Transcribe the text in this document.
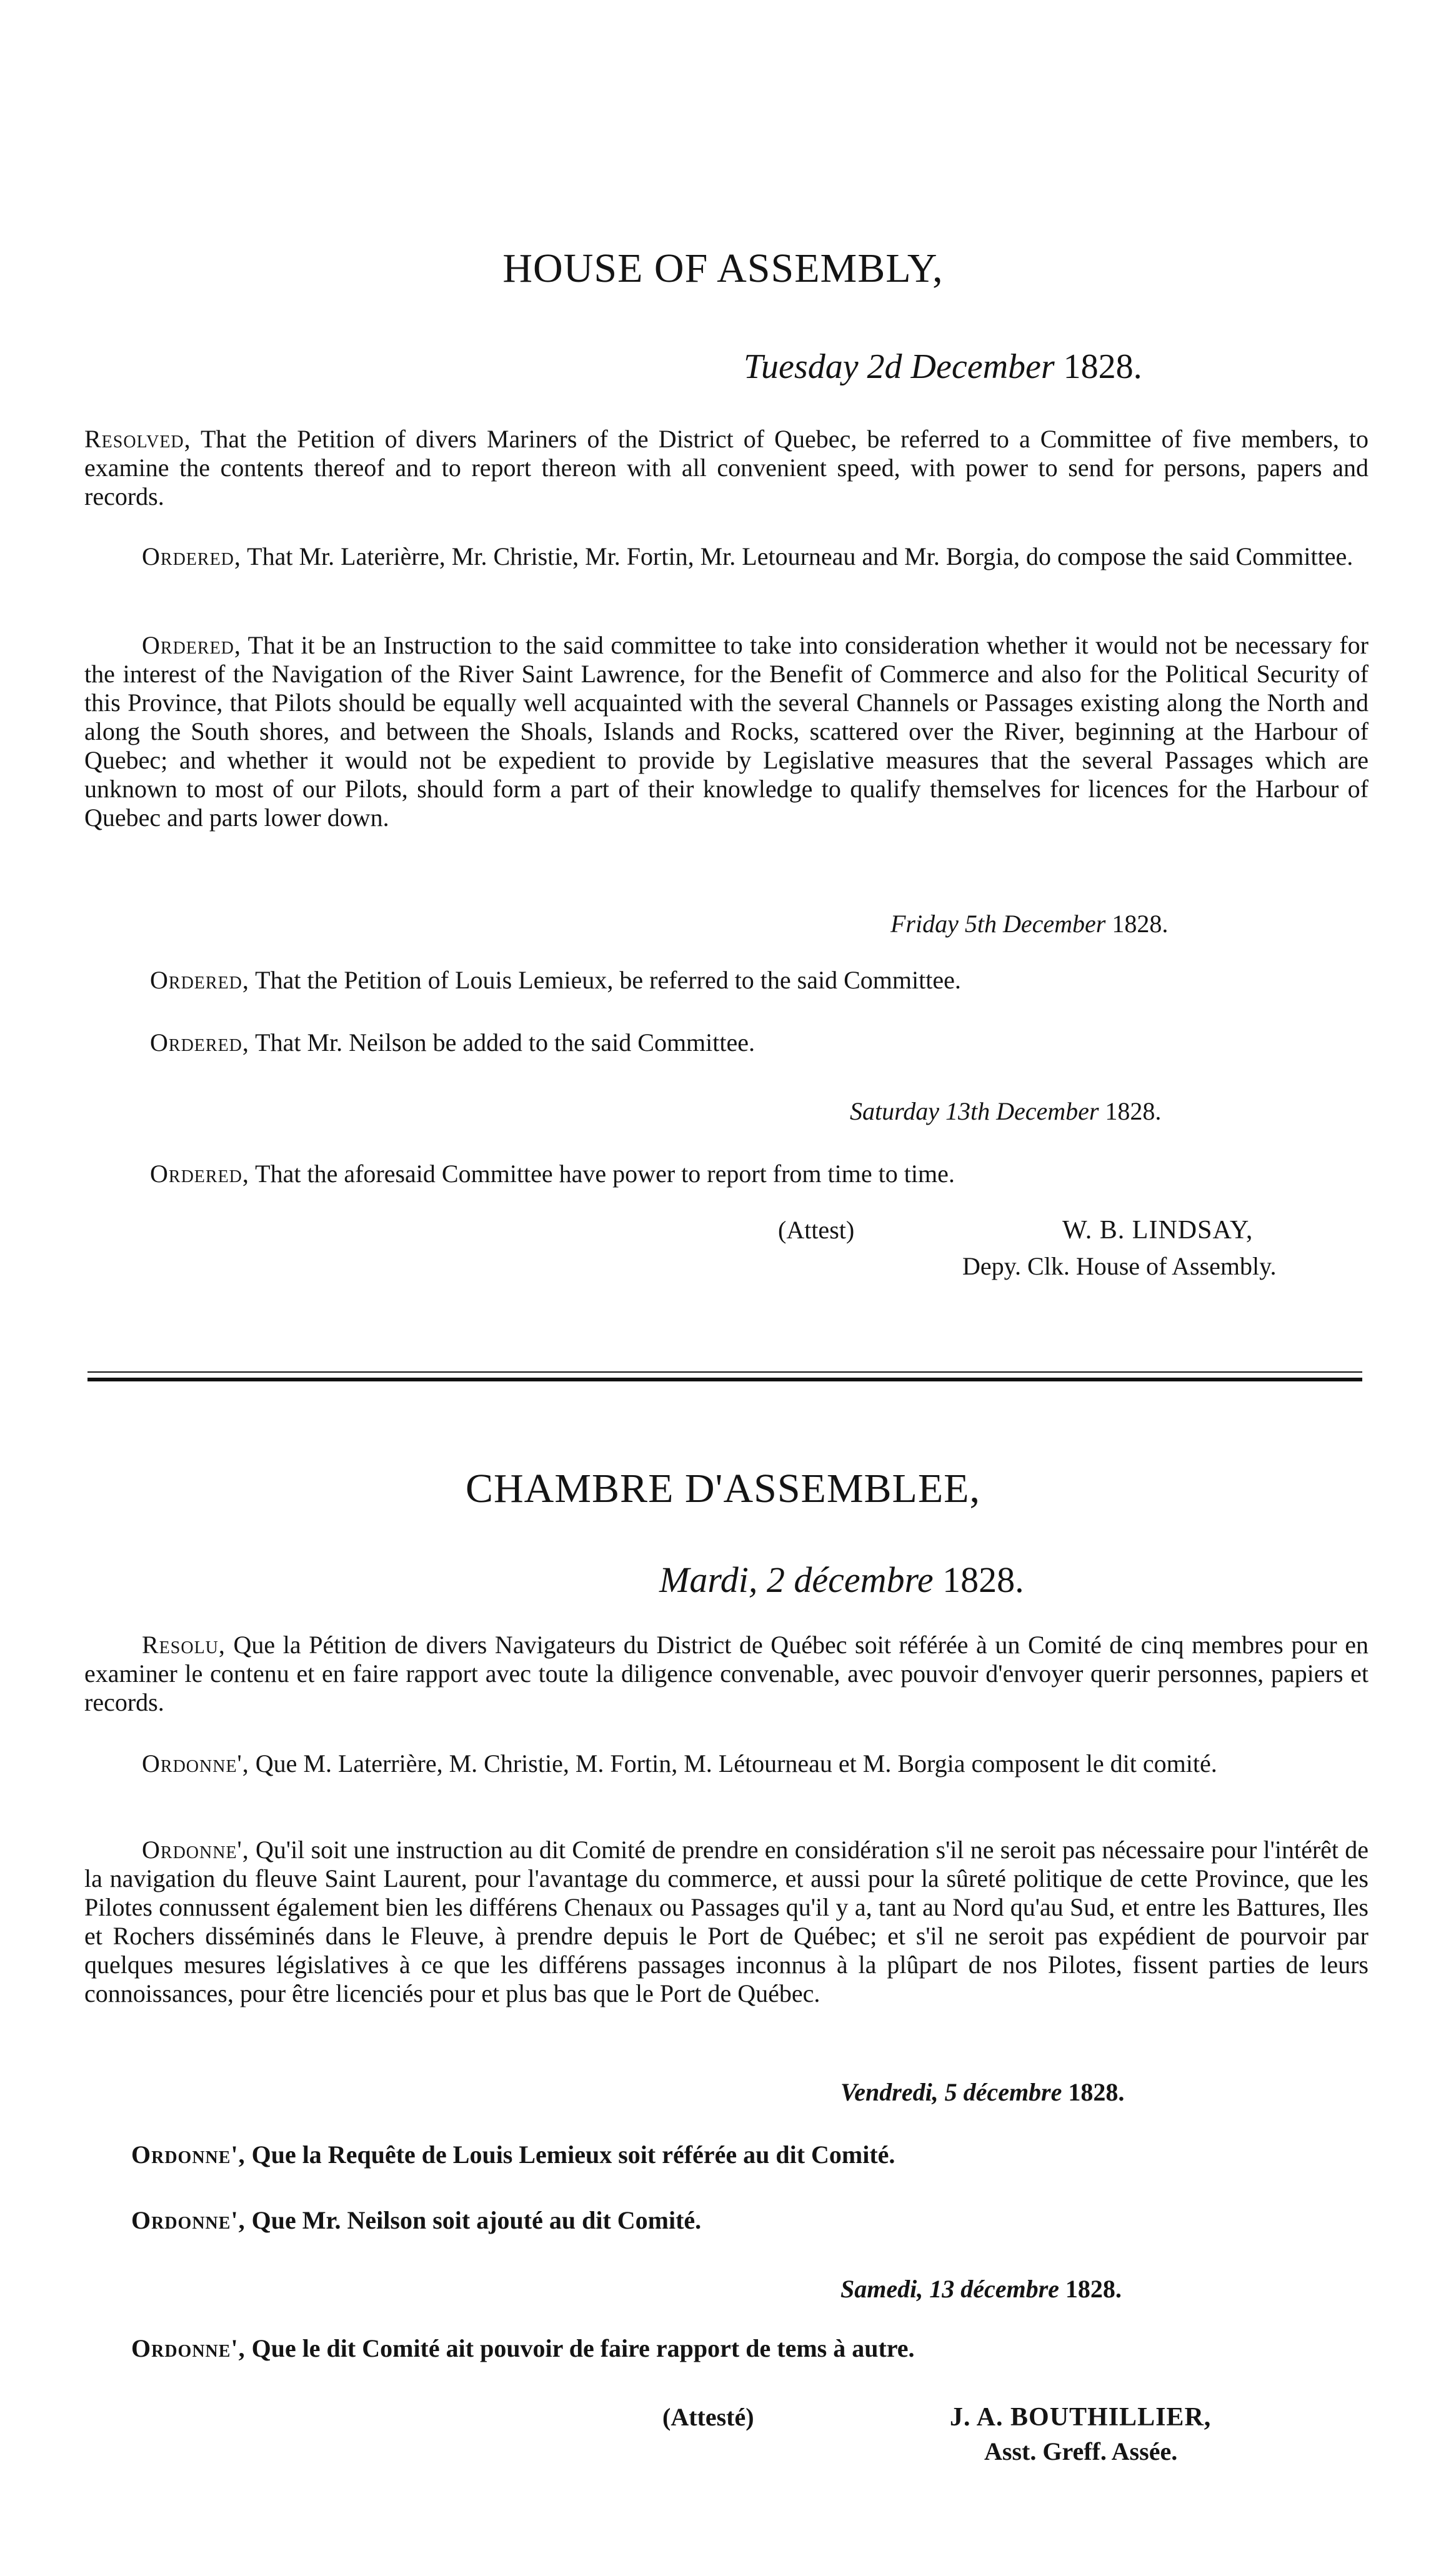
HOUSE OF ASSEMBLY,
Tuesday 2d December 1828.

Resolved, That the Petition of divers Mariners of the District of Quebec, be referred to a Committee of five members, to examine the contents thereof and to report thereon with all convenient speed, with power to send for persons, papers and records.

Ordered, That Mr. Laterièrre, Mr. Christie, Mr. Fortin, Mr. Letourneau and Mr. Borgia, do compose the said Committee.

Ordered, That it be an Instruction to the said committee to take into consideration whether it would not be necessary for the interest of the Navigation of the River Saint Lawrence, for the Benefit of Commerce and also for the Political Security of this Province, that Pilots should be equally well acquainted with the several Channels or Passages existing along the North and along the South shores, and between the Shoals, Islands and Rocks, scattered over the River, beginning at the Harbour of Quebec; and whether it would not be expedient to provide by Legislative measures that the several Passages which are unknown to most of our Pilots, should form a part of their knowledge to qualify themselves for licences for the Harbour of Quebec and parts lower down.

Friday 5th December 1828.

Ordered, That the Petition of Louis Lemieux, be referred to the said Committee.

Ordered, That Mr. Neilson be added to the said Committee.

Saturday 13th December 1828.

Ordered, That the aforesaid Committee have power to report from time to time.

(Attest)	W. B. LINDSAY,
Depy. Clk. House of Assembly.
CHAMBRE D'ASSEMBLEE,
Mardi, 2 décembre 1828.

Resolu, Que la Pétition de divers Navigateurs du District de Québec soit référée à un Comité de cinq membres pour en examiner le contenu et en faire rapport avec toute la diligence convenable, avec pouvoir d'envoyer querir personnes, papiers et records.

Ordonne', Que M. Laterrière, M. Christie, M. Fortin, M. Létourneau et M. Borgia composent le dit comité.

Ordonne', Qu'il soit une instruction au dit Comité de prendre en considération s'il ne seroit pas nécessaire pour l'intérêt de la navigation du fleuve Saint Laurent, pour l'avantage du commerce, et aussi pour la sûreté politique de cette Province, que les Pilotes connussent également bien les différens Chenaux ou Passages qu'il y a, tant au Nord qu'au Sud, et entre les Battures, Iles et Rochers disséminés dans le Fleuve, à prendre depuis le Port de Québec; et s'il ne seroit pas expédient de pourvoir par quelques mesures législatives à ce que les différens passages inconnus à la plûpart de nos Pilotes, fissent parties de leurs connoissances, pour être licenciés pour et plus bas que le Port de Québec.

Vendredi, 5 décembre 1828.

Ordonne', Que la Requête de Louis Lemieux soit référée au dit Comité.

Ordonne', Que Mr. Neilson soit ajouté au dit Comité.

Samedi, 13 décembre 1828.

Ordonne', Que le dit Comité ait pouvoir de faire rapport de tems à autre.

(Attesté)	J. A. BOUTHILLIER,
Asst. Greff. Assée.
